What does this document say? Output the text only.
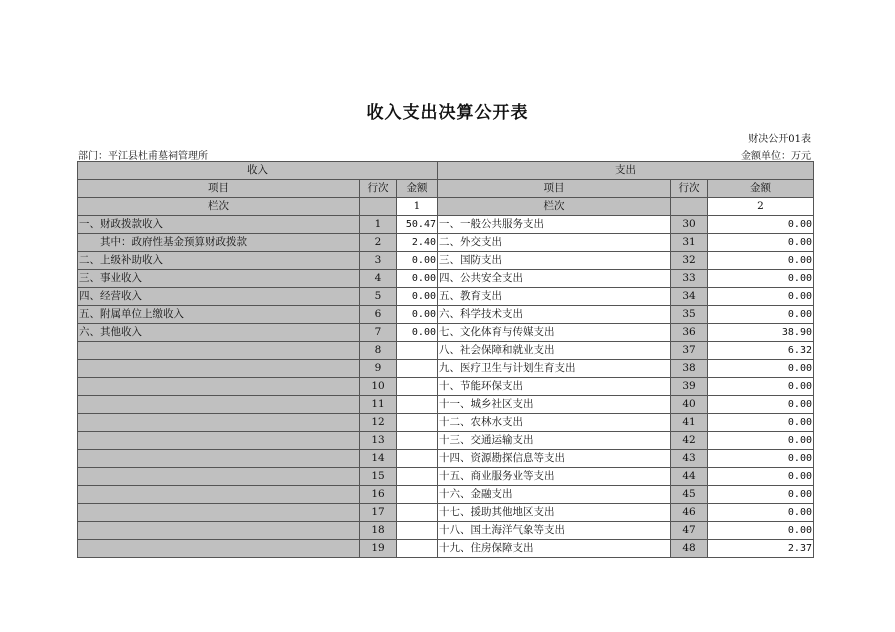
收入支出决算公开表
财决公开01表
部门：平江县杜甫墓祠管理所	金额单位：万元
收入			支出		
项目	行次	金额	项目	行次	金额
栏次		1	栏次		2
一、财政拨款收入	1	50.47	一、一般公共服务支出	30	0.00
其中：政府性基金预算财政拨款	2	2.40	二、外交支出	31	0.00
二、上级补助收入	3	0.00	三、国防支出	32	0.00
三、事业收入	4	0.00	四、公共安全支出	33	0.00
四、经营收入	5	0.00	五、教育支出	34	0.00
五、附属单位上缴收入	6	0.00	六、科学技术支出	35	0.00
六、其他收入	7	0.00	七、文化体育与传媒支出	36	38.90
	8		八、社会保障和就业支出	37	6.32
	9		九、医疗卫生与计划生育支出	38	0.00
	10		十、节能环保支出	39	0.00
	11		十一、城乡社区支出	40	0.00
	12		十二、农林水支出	41	0.00
	13		十三、交通运输支出	42	0.00
	14		十四、资源勘探信息等支出	43	0.00
	15		十五、商业服务业等支出	44	0.00
	16		十六、金融支出	45	0.00
	17		十七、援助其他地区支出	46	0.00
	18		十八、国土海洋气象等支出	47	0.00
	19		十九、住房保障支出	48	2.37
